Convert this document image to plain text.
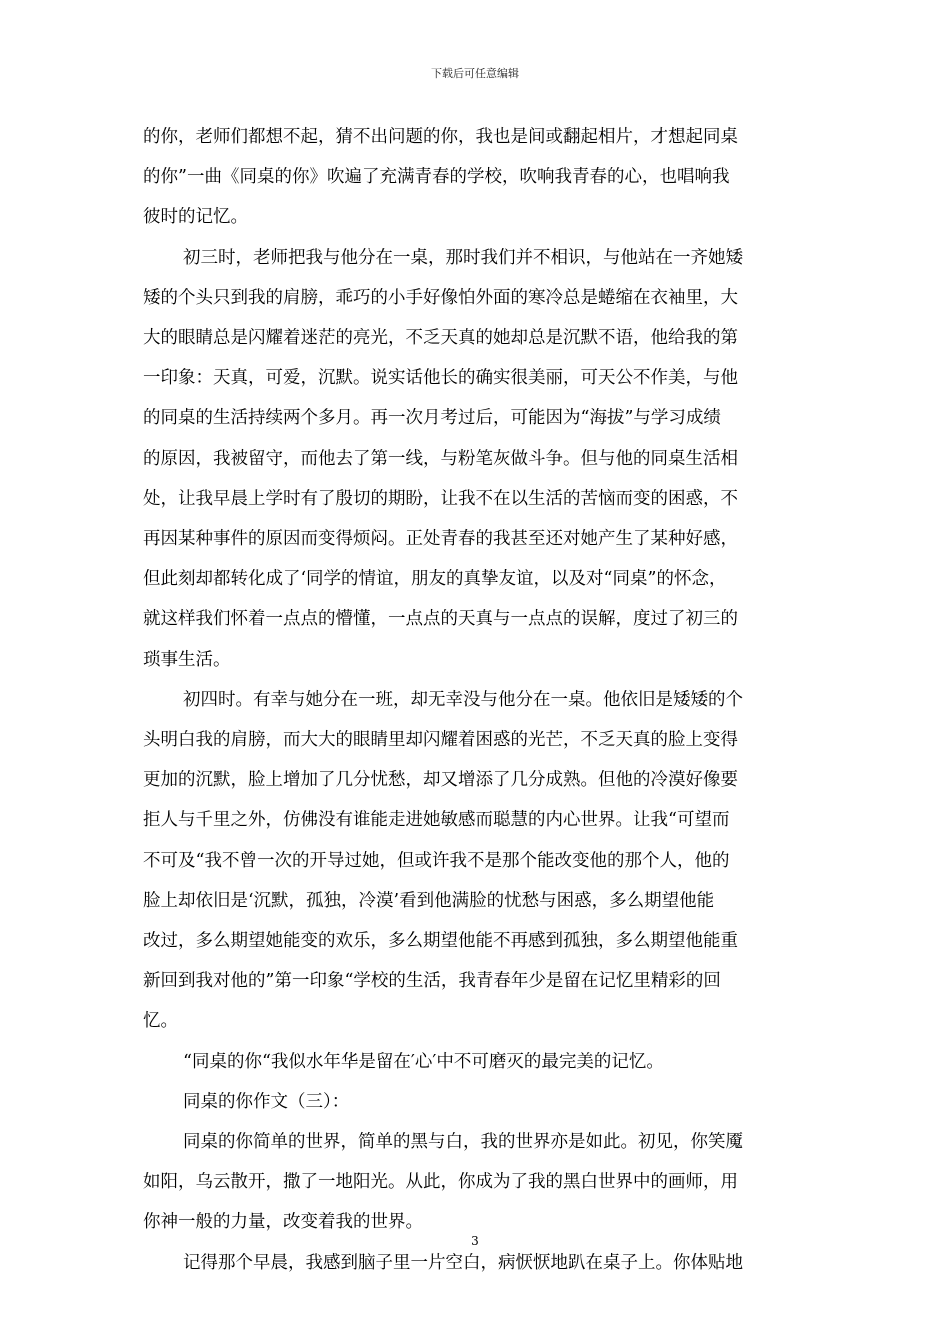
下载后可任意编辑

的你，老师们都想不起，猜不出问题的你，我也是间或翻起相片，才想起同桌

的你”一曲《同桌的你》吹遍了充满青春的学校，吹响我青春的心，也唱响我

彼时的记忆。

初三时，老师把我与他分在一桌，那时我们并不相识，与他站在一齐她矮

矮的个头只到我的肩膀，乖巧的小手好像怕外面的寒冷总是蜷缩在衣袖里，大

大的眼睛总是闪耀着迷茫的亮光，不乏天真的她却总是沉默不语，他给我的第

一印象：天真，可爱，沉默。说实话他长的确实很美丽，可天公不作美，与他

的同桌的生活持续两个多月。再一次月考过后，可能因为“海拔”与学习成绩

的原因，我被留守，而他去了第一线，与粉笔灰做斗争。但与他的同桌生活相

处，让我早晨上学时有了殷切的期盼，让我不在以生活的苦恼而变的困惑，不

再因某种事件的原因而变得烦闷。正处青春的我甚至还对她产生了某种好感，

但此刻却都转化成了‘同学的情谊，朋友的真挚友谊，以及对“同桌”的怀念，

就这样我们怀着一点点的懵懂，一点点的天真与一点点的误解，度过了初三的

琐事生活。

初四时。有幸与她分在一班，却无幸没与他分在一桌。他依旧是矮矮的个

头明白我的肩膀，而大大的眼睛里却闪耀着困惑的光芒，不乏天真的脸上变得

更加的沉默，脸上增加了几分忧愁，却又增添了几分成熟。但他的冷漠好像要

拒人与千里之外，仿佛没有谁能走进她敏感而聪慧的内心世界。让我“可望而

不可及“我不曾一次的开导过她，但或许我不是那个能改变他的那个人，他的

脸上却依旧是‘沉默，孤独，冷漠’看到他满脸的忧愁与困惑，多么期望他能

改过，多么期望她能变的欢乐，多么期望他能不再感到孤独，多么期望他能重

新回到我对他的”第一印象“学校的生活，我青春年少是留在记忆里精彩的回

忆。

“同桌的你“我似水年华是留在′心′中不可磨灭的最完美的记忆。

同桌的你作文（三）：

同桌的你简单的世界，简单的黑与白，我的世界亦是如此。初见，你笑魇

如阳，乌云散开，撒了一地阳光。从此，你成为了我的黑白世界中的画师，用

你神一般的力量，改变着我的世界。

记得那个早晨，我感到脑子里一片空白，病恹恹地趴在桌子上。你体贴地

3
